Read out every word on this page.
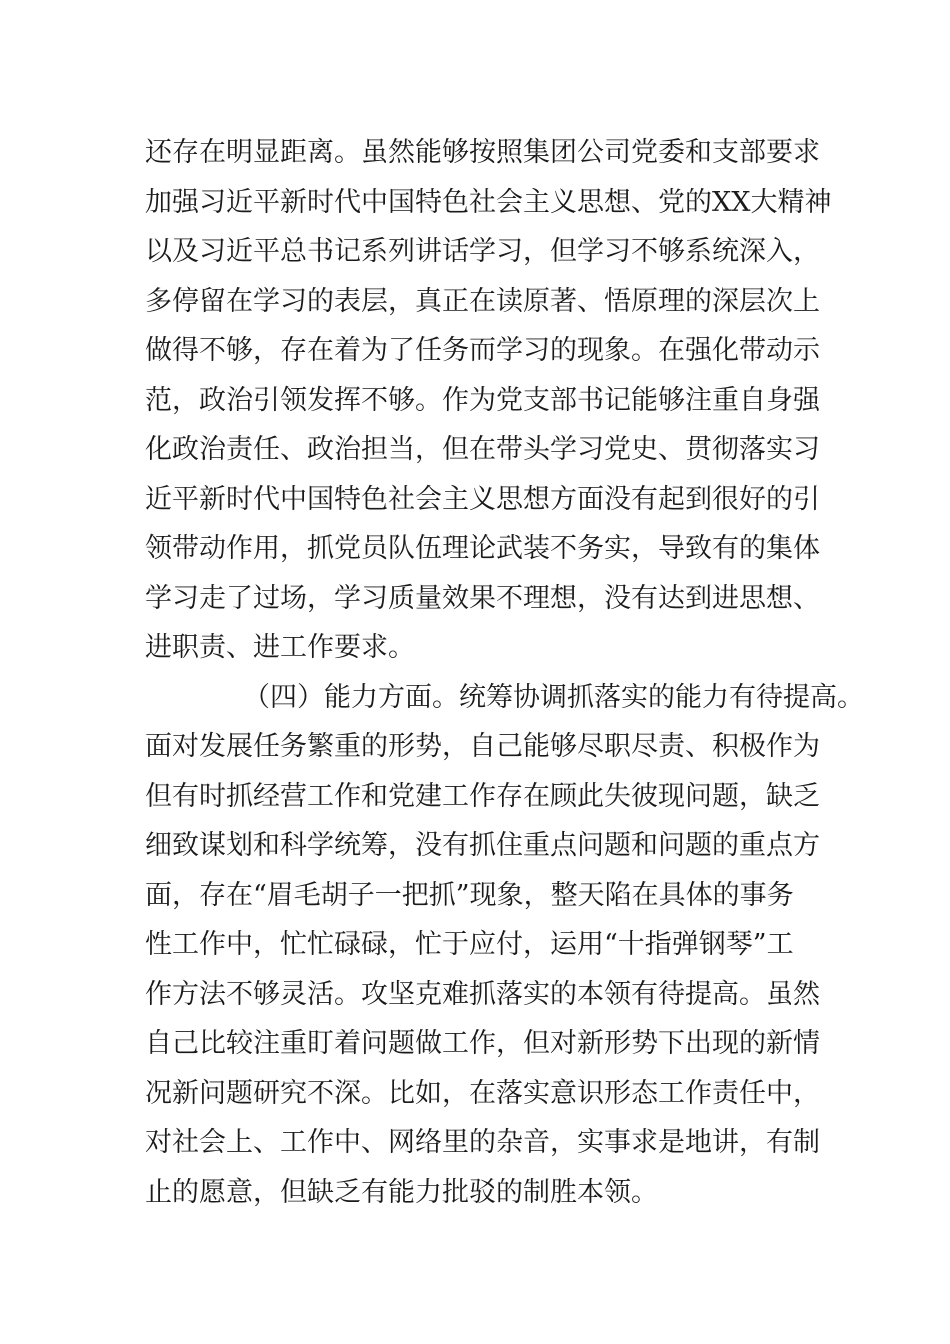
还存在明显距离。虽然能够按照集团公司党委和支部要求
加强习近平新时代中国特色社会主义思想、党的XX大精神
以及习近平总书记系列讲话学习，但学习不够系统深入，
多停留在学习的表层，真正在读原著、悟原理的深层次上
做得不够，存在着为了任务而学习的现象。在强化带动示
范，政治引领发挥不够。作为党支部书记能够注重自身强
化政治责任、政治担当，但在带头学习党史、贯彻落实习
近平新时代中国特色社会主义思想方面没有起到很好的引
领带动作用，抓党员队伍理论武装不务实，导致有的集体
学习走了过场，学习质量效果不理想，没有达到进思想、
进职责、进工作要求。
（四）能力方面。统筹协调抓落实的能力有待提高。
面对发展任务繁重的形势，自己能够尽职尽责、积极作为
但有时抓经营工作和党建工作存在顾此失彼现问题，缺乏
细致谋划和科学统筹，没有抓住重点问题和问题的重点方
面，存在“眉毛胡子一把抓”现象，整天陷在具体的事务
性工作中，忙忙碌碌，忙于应付，运用“十指弹钢琴”工
作方法不够灵活。攻坚克难抓落实的本领有待提高。虽然
自己比较注重盯着问题做工作，但对新形势下出现的新情
况新问题研究不深。比如，在落实意识形态工作责任中，
对社会上、工作中、网络里的杂音，实事求是地讲，有制
止的愿意，但缺乏有能力批驳的制胜本领。
